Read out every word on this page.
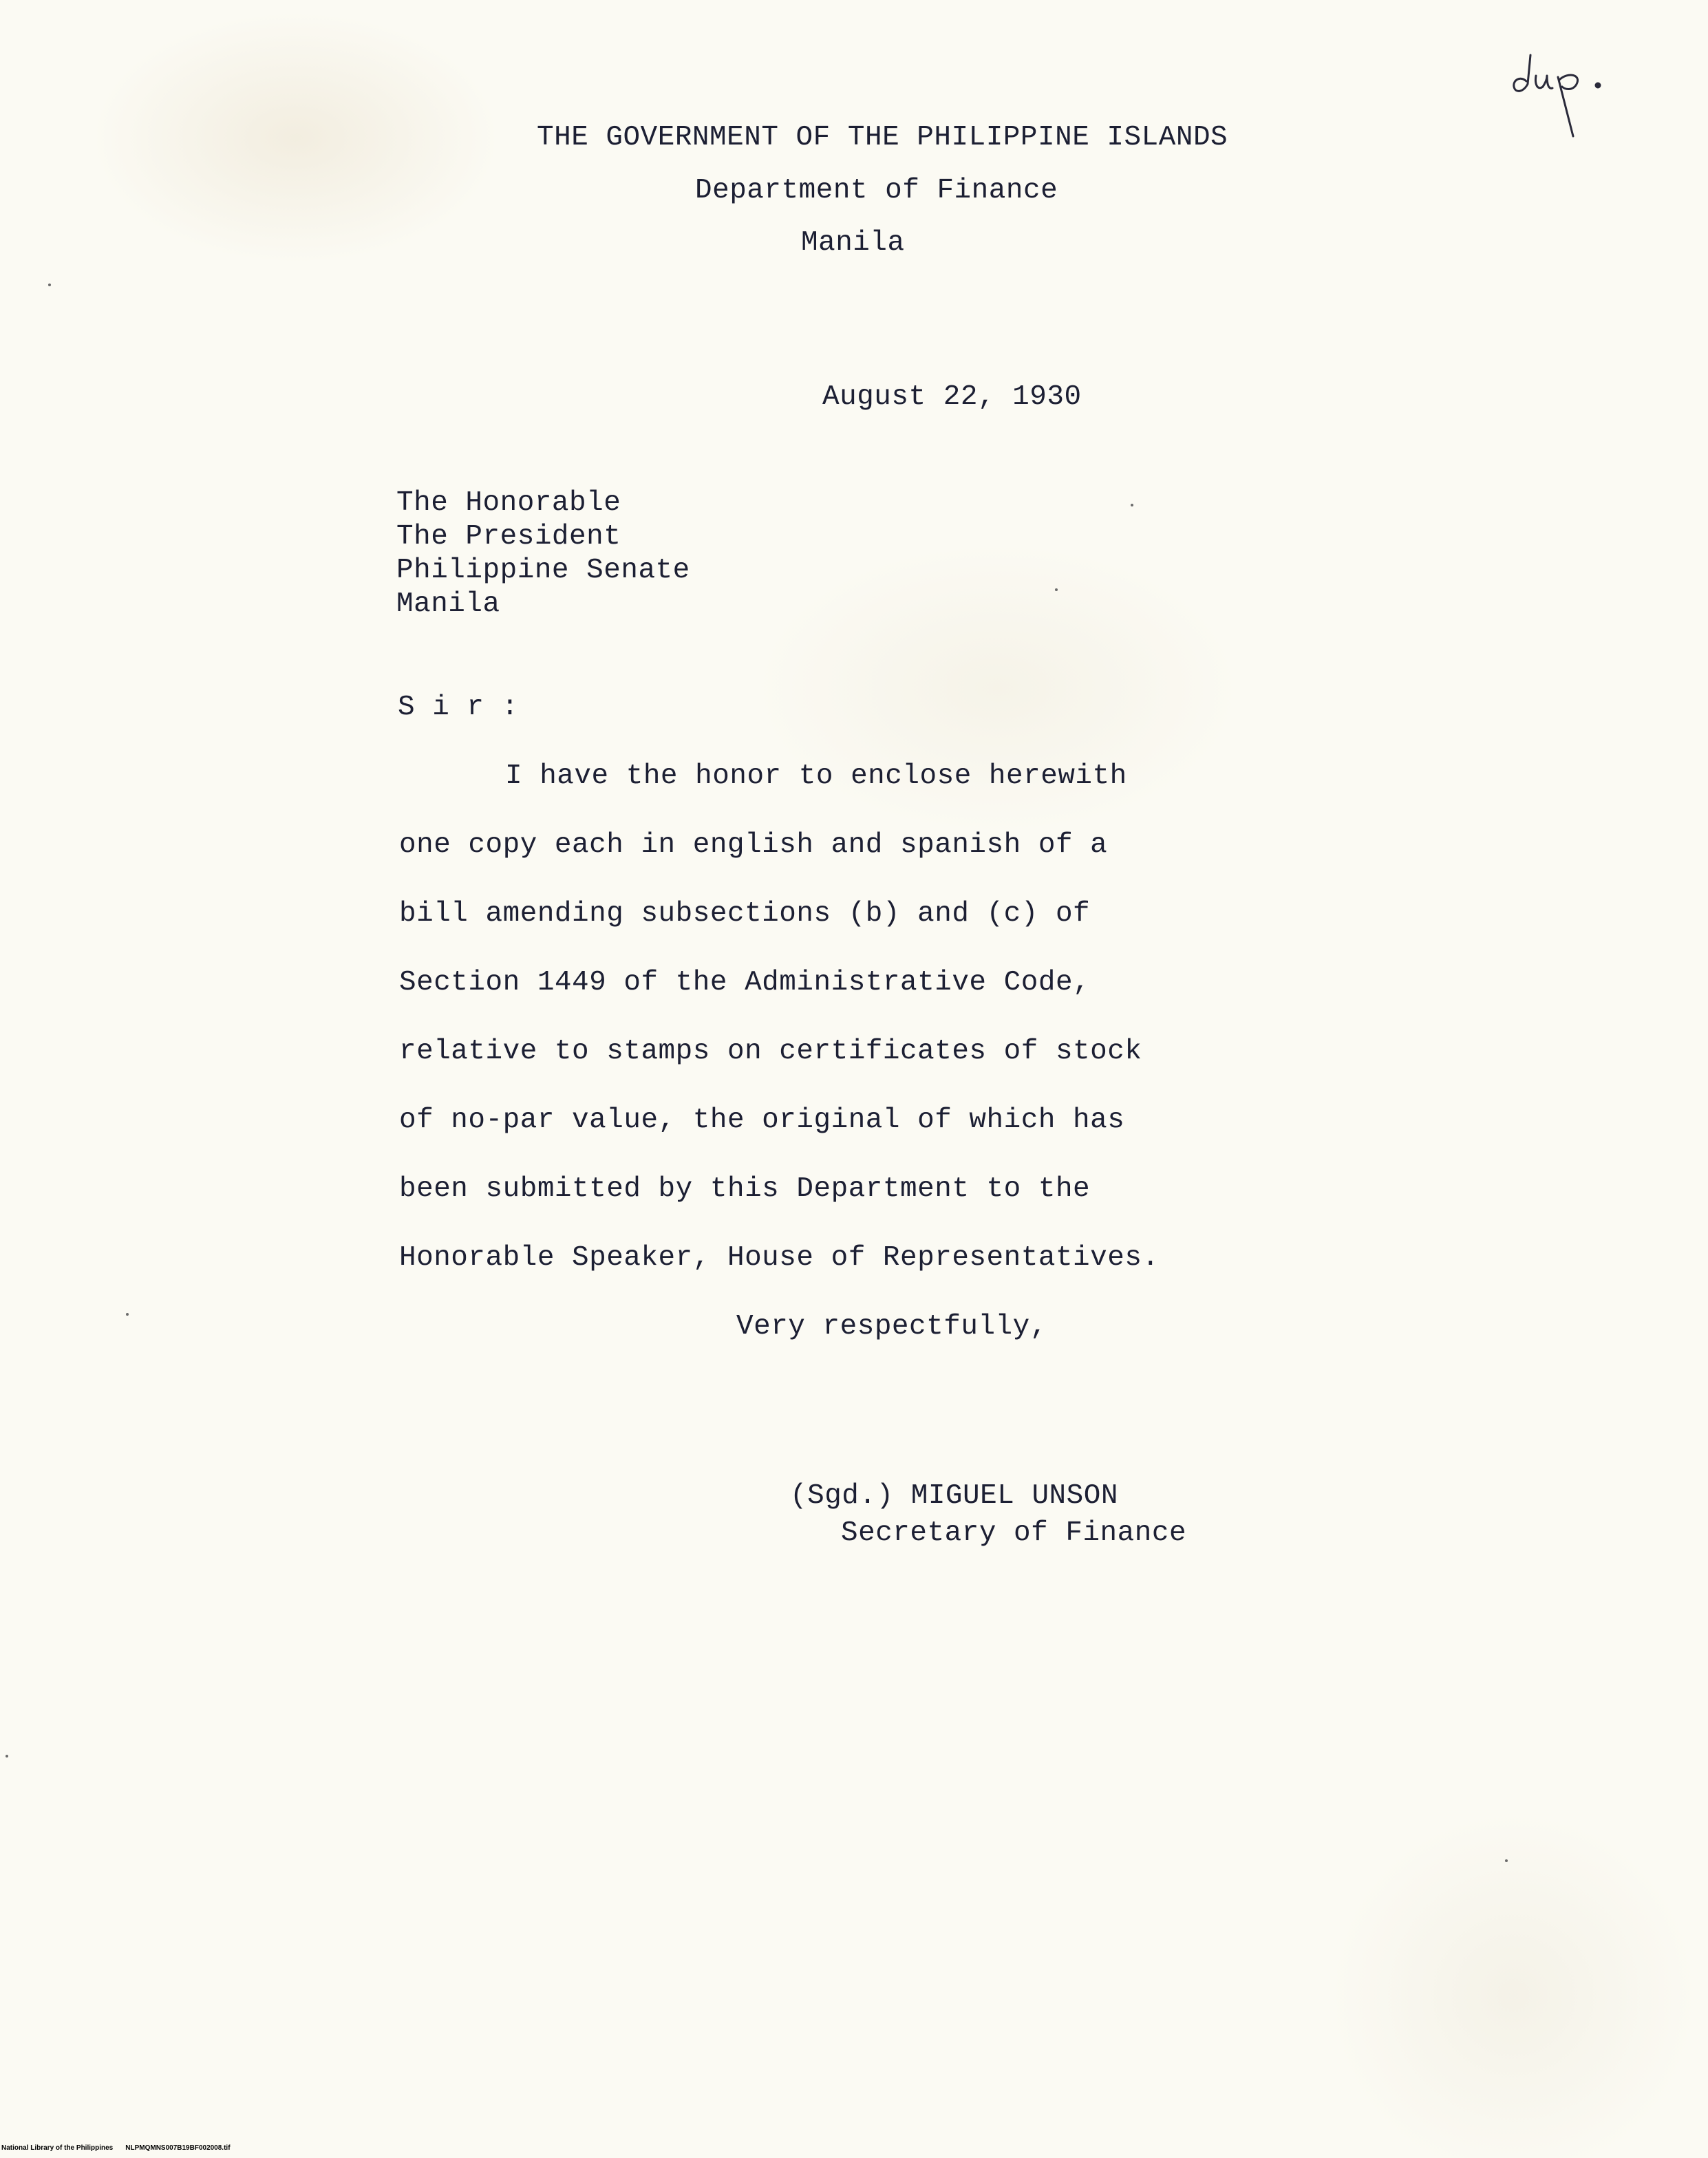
THE GOVERNMENT OF THE PHILIPPINE ISLANDS
Department of Finance
Manila
August 22, 1930
The Honorable
The President
Philippine Senate
Manila
S i r :
I have the honor to enclose herewith
one copy each in english and spanish of a
bill amending subsections (b) and (c) of
Section 1449 of the Administrative Code,
relative to stamps on certificates of stock
of no-par value, the original of which has
been submitted by this Department to the
Honorable Speaker, House of Representatives.
Very respectfully,
(Sgd.) MIGUEL UNSON
Secretary of Finance
National Library of the Philippines NLPMQMNS007B19BF002008.tif
